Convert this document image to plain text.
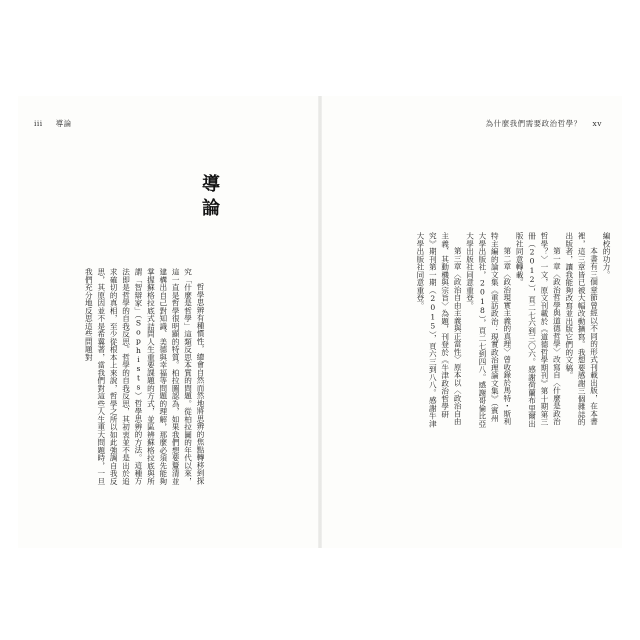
iii 導論	為什麼我們需要政治哲學？ xv

編校的功力。

本書有三個章節曾經以不同的形式刊載出版，在本書裡，這三章皆已被大幅改動擴寫。我想要感謝三個雜誌的出版者，讓我能夠改寫並出版它們的文稿。

第一章〈政治哲學與道德哲學〉改寫自〈什麼是政治哲學？〉一文，原文刊載於《道德哲學期刊》第十期第三冊（2012），頁二七六到三〇六。感謝荷蘭布里爾出版社同意轉載。

第二章〈政治現實主義的真理〉曾收錄於馬特・斯利特主編的論文集《重訪政治：現實政治理論文集》（賓州大學出版社，2018），頁二七到四八。感謝哥倫比亞大學出版社同意重登。

第三章〈政治自由主義與正當性〉原本以〈政治自由主義、其動機與宗旨〉為題，刊登於《牛津政治哲學研究》期刊第一期（2015），頁六三到八八。感謝牛津大學出版社同意重登。

導論

哲學思辨有種慣性，總會自然而然地將思辨的焦點轉移到探究「什麼是哲學」這類反思本質的問題。從柏拉圖的年代以來，這一直是哲學很明顯的特質。柏拉圖認為，如果我們想要釐清並建構出自己對知識、美德與幸福等問題的理解，那麼必須先能夠掌握蘇格拉底式詰問人生重要課題的方式，並區辨蘇格拉底與所謂「智辯家」（Sophists）哲學思辨的方法。這種方法即是哲學的自我反思。哲學的自我反思，其初衷並不是出於追求確切的真相，至少從根本上來說，哲學之所以如此強調自我反思，其原因並不是希冀著，當我們對這些人生重大問題時，一旦我們充分地反思這些問題對
